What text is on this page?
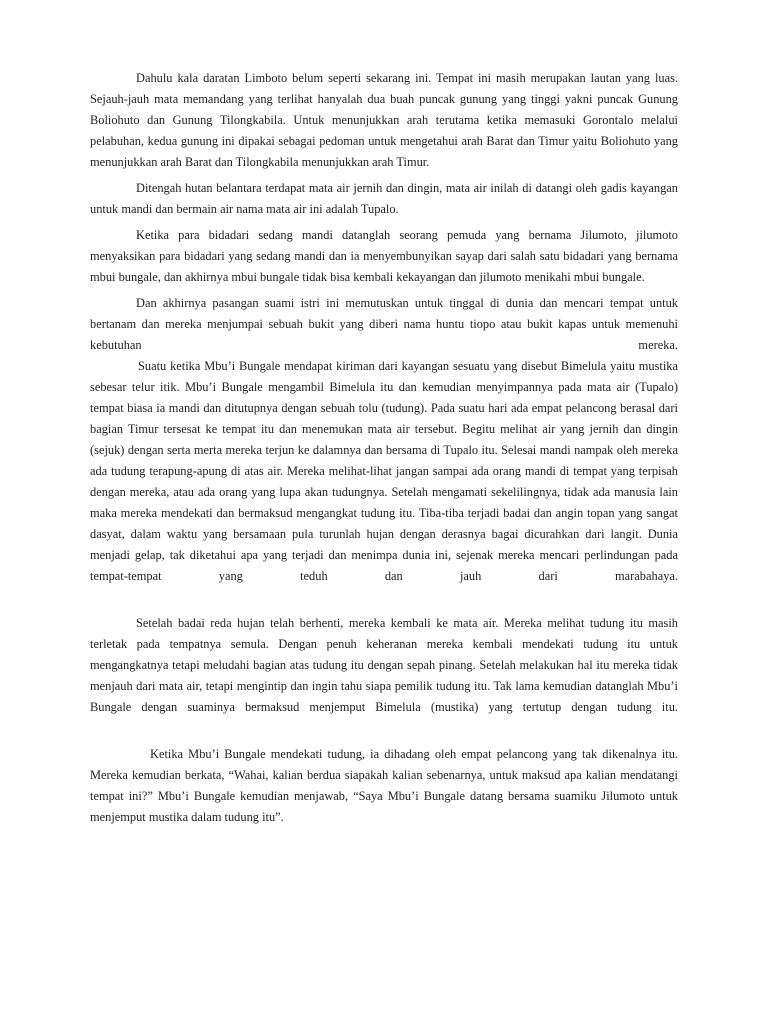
Dahulu kala daratan Limboto belum seperti sekarang ini. Tempat ini masih merupakan lautan yang luas. Sejauh-jauh mata memandang yang terlihat hanyalah dua buah puncak gunung yang tinggi yakni puncak Gunung Boliohuto dan Gunung Tilongkabila. Untuk menunjukkan arah terutama ketika memasuki Gorontalo melalui pelabuhan, kedua gunung ini dipakai sebagai pedoman untuk mengetahui arah Barat dan Timur yaitu Boliohuto yang menunjukkan arah Barat dan Tilongkabila menunjukkan arah Timur.

Ditengah hutan belantara terdapat mata air jernih dan dingin, mata air inilah di datangi oleh gadis kayangan untuk mandi dan bermain air nama mata air ini adalah Tupalo.

Ketika para bidadari sedang mandi datanglah seorang pemuda yang bernama Jilumoto, jilumoto menyaksikan para bidadari yang sedang mandi dan ia menyembunyikan sayap dari salah satu bidadari yang bernama mbui bungale, dan akhirnya mbui bungale tidak bisa kembali kekayangan dan jilumoto menikahi mbui bungale.

Dan akhirnya pasangan suami istri ini memutuskan untuk tinggal di dunia dan mencari tempat untuk bertanam dan mereka menjumpai sebuah bukit yang diberi nama huntu tiopo atau bukit kapas untuk memenuhi kebutuhan mereka.

Suatu ketika Mbu’i Bungale mendapat kiriman dari kayangan sesuatu yang disebut Bimelula yaitu mustika sebesar telur itik. Mbu’i Bungale mengambil Bimelula itu dan kemudian menyimpannya pada mata air (Tupalo) tempat biasa ia mandi dan ditutupnya dengan sebuah tolu (tudung). Pada suatu hari ada empat pelancong berasal dari bagian Timur tersesat ke tempat itu dan menemukan mata air tersebut. Begitu melihat air yang jernih dan dingin (sejuk) dengan serta merta mereka terjun ke dalamnya dan bersama di Tupalo itu. Selesai mandi nampak oleh mereka ada tudung terapung-apung di atas air. Mereka melihat-lihat jangan sampai ada orang mandi di tempat yang terpisah dengan mereka, atau ada orang yang lupa akan tudungnya. Setelah mengamati sekelilingnya, tidak ada manusia lain maka mereka mendekati dan bermaksud mengangkat tudung itu. Tiba-tiba terjadi badai dan angin topan yang sangat dasyat, dalam waktu yang bersamaan pula turunlah hujan dengan derasnya bagai dicurahkan dari langit. Dunia menjadi gelap, tak diketahui apa yang terjadi dan menimpa dunia ini, sejenak mereka mencari perlindungan pada tempat-tempat yang teduh dan jauh dari marabahaya.

Setelah badai reda hujan telah berhenti, mereka kembali ke mata air. Mereka melihat tudung itu masih terletak pada tempatnya semula. Dengan penuh keheranan mereka kembali mendekati tudung itu untuk mengangkatnya tetapi meludahi bagian atas tudung itu dengan sepah pinang. Setelah melakukan hal itu mereka tidak menjauh dari mata air, tetapi mengintip dan ingin tahu siapa pemilik tudung itu. Tak lama kemudian datanglah Mbu’i Bungale dengan suaminya bermaksud menjemput Bimelula (mustika) yang tertutup dengan tudung itu.

Ketika Mbu’i Bungale mendekati tudung, ia dihadang oleh empat pelancong yang tak dikenalnya itu. Mereka kemudian berkata, “Wahai, kalian berdua siapakah kalian sebenarnya, untuk maksud apa kalian mendatangi tempat ini?” Mbu’i Bungale kemudian menjawab, “Saya Mbu’i Bungale datang bersama suamiku Jilumoto untuk menjemput mustika dalam tudung itu”.
